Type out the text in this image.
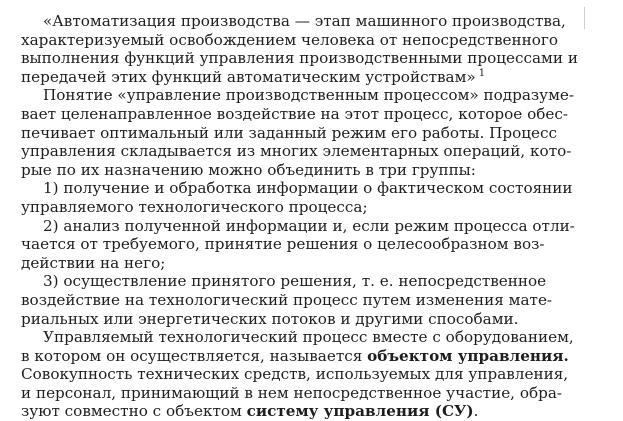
«Автоматизация производства — этап машинного производства,
характеризуемый освобождением человека от непосредственного
выполнения функций управления производственными процессами и
передачей этих функций автоматическим устройствам» $^1$
Понятие «управление производственным процессом» подразуме-
вает целенаправленное воздействие на этот процесс, которое обес-
печивает оптимальный или заданный режим его работы. Процесс
управления складывается из многих элементарных операций, кото-
рые по их назначению можно объединить в три группы:
1) получение и обработка информации о фактическом состоянии
управляемого технологического процесса;
2) анализ полученной информации и, если режим процесса отли-
чается от требуемого, принятие решения о целесообразном воз-
действии на него;
3) осуществление принятого решения, т. е. непосредственное
воздействие на технологический процесс путем изменения мате-
риальных или энергетических потоков и другими способами.
Управляемый технологический процесс вместе с оборудованием,
в котором он осуществляется, называется объектом управления.
Совокупность технических средств, используемых для управления,
и персонал, принимающий в нем непосредственное участие, обра-
зуют совместно с объектом систему управления (СУ).
